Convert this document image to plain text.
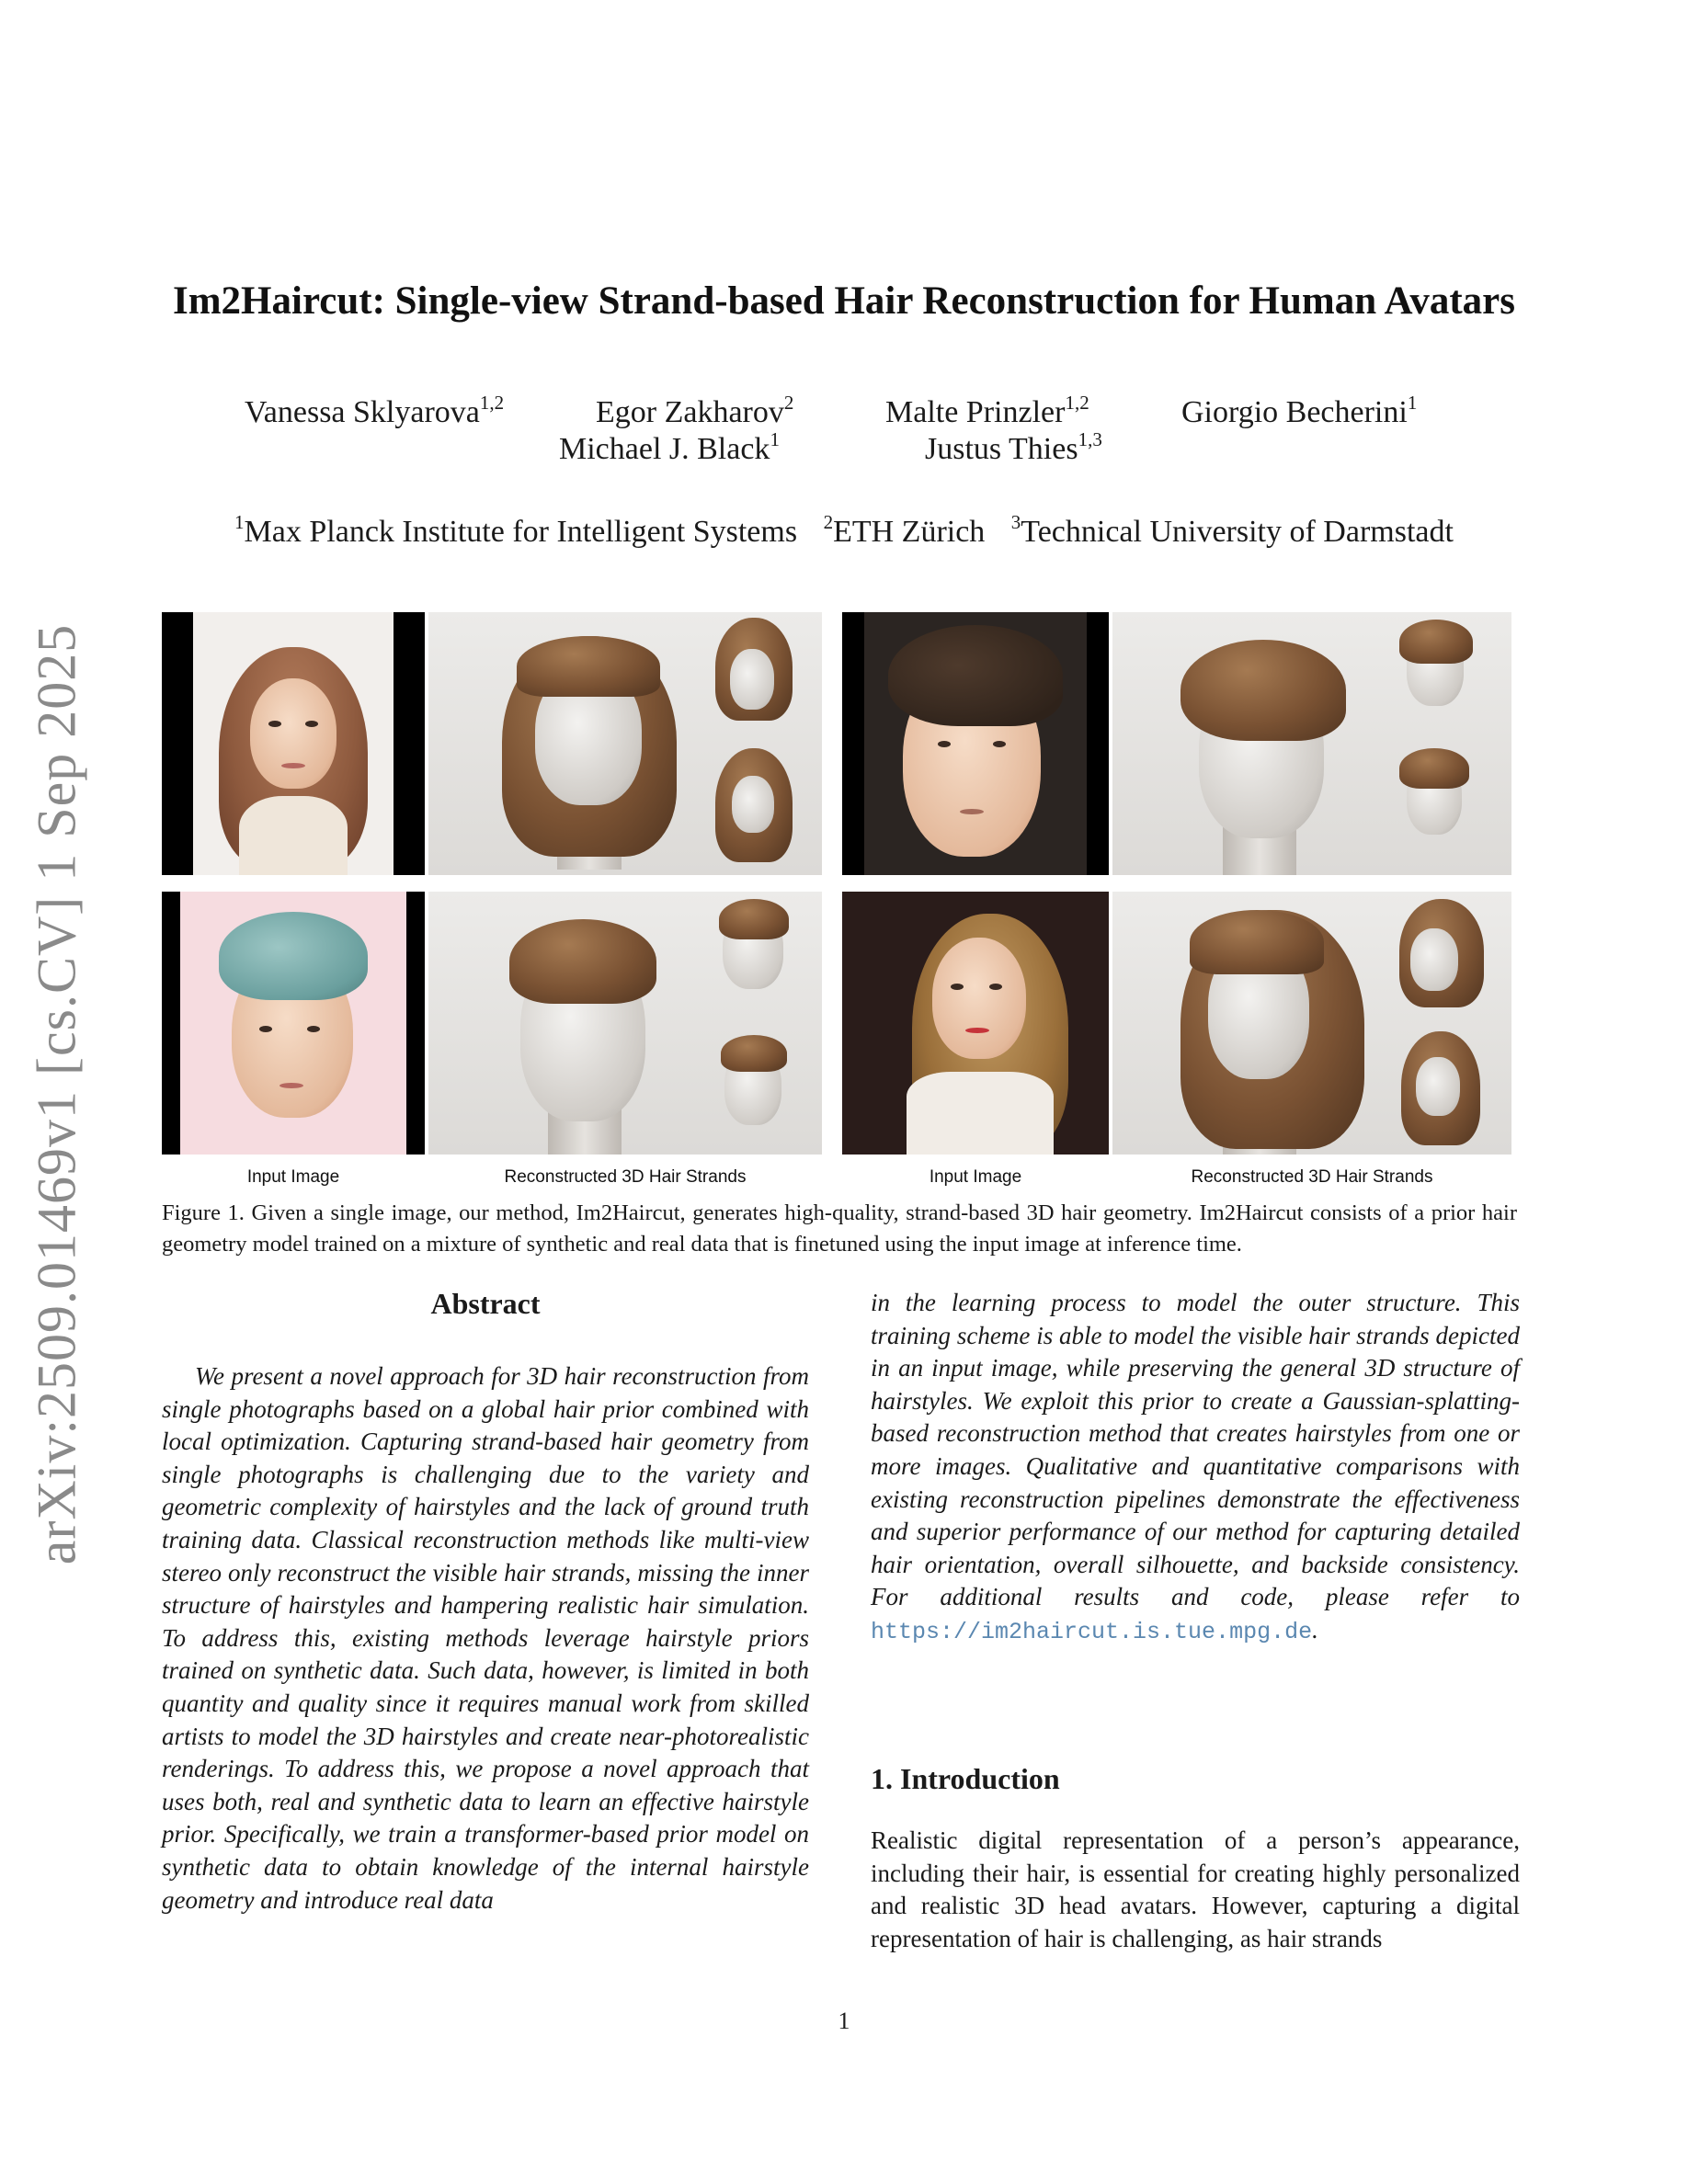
arXiv:2509.01469v1 [cs.CV] 1 Sep 2025
Im2Haircut: Single-view Strand-based Hair Reconstruction for Human Avatars
Vanessa Sklyarova$^{1,2}$	Egor Zakharov$^2$	Malte Prinzler$^{1,2}$	Giorgio Becherini$^1$
Michael J. Black$^1$	Justus Thies$^{1,3}$
$^1$Max Planck Institute for Intelligent Systems $^2$ETH Zürich $^3$Technical University of Darmstadt
Input Image	Reconstructed 3D Hair Strands	Input Image	Reconstructed 3D Hair Strands
Figure 1. Given a single image, our method, Im2Haircut, generates high-quality, strand-based 3D hair geometry. Im2Haircut consists of a prior hair geometry model trained on a mixture of synthetic and real data that is finetuned using the input image at inference time.
Abstract

We present a novel approach for 3D hair reconstruction from single photographs based on a global hair prior combined with local optimization. Capturing strand-based hair geometry from single photographs is challenging due to the variety and geometric complexity of hairstyles and the lack of ground truth training data. Classical reconstruction methods like multi-view stereo only reconstruct the visible hair strands, missing the inner structure of hairstyles and hampering realistic hair simulation. To address this, existing methods leverage hairstyle priors trained on synthetic data. Such data, however, is limited in both quantity and quality since it requires manual work from skilled artists to model the 3D hairstyles and create near-photorealistic renderings. To address this, we propose a novel approach that uses both, real and synthetic data to learn an effective hairstyle prior. Specifically, we train a transformer-based prior model on synthetic data to obtain knowledge of the internal hairstyle geometry and introduce real data

in the learning process to model the outer structure. This training scheme is able to model the visible hair strands depicted in an input image, while preserving the general 3D structure of hairstyles. We exploit this prior to create a Gaussian-splatting-based reconstruction method that creates hairstyles from one or more images. Qualitative and quantitative comparisons with existing reconstruction pipelines demonstrate the effectiveness and superior performance of our method for capturing detailed hair orientation, overall silhouette, and backside consistency. For additional results and code, please refer to https://im2haircut.is.tue.mpg.de.

1. Introduction

Realistic digital representation of a person’s appearance, including their hair, is essential for creating highly personalized and realistic 3D head avatars. However, capturing a digital representation of hair is challenging, as hair strands

1
